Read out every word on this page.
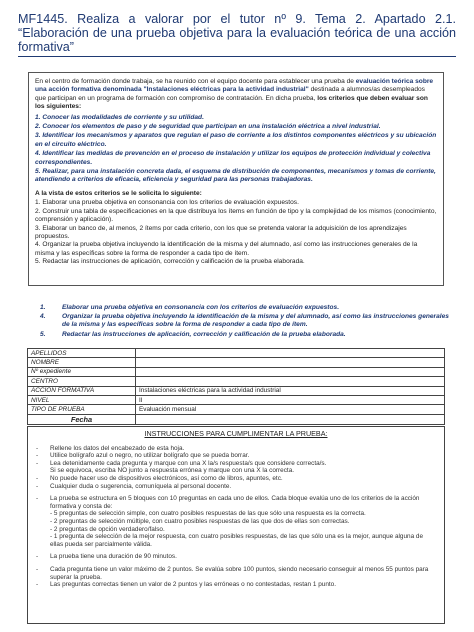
MF1445. Realiza a valorar por el tutor nº 9. Tema 2. Apartado 2.1. “Elaboración de una prueba objetiva para la evaluación teórica de una acción formativa”

En el centro de formación donde trabaja, se ha reunido con el equipo docente para establecer una prueba de evaluación teórica sobre una acción formativa denominada "Instalaciones eléctricas para la actividad industrial" destinada a alumnos/as desempleados que participan en un programa de formación con compromiso de contratación. En dicha prueba, los criterios que deben evaluar son los siguientes:

1. Conocer las modalidades de corriente y su utilidad.

2. Conocer los elementos de paso y de seguridad que participan en una instalación eléctrica a nivel industrial.

3. Identificar los mecanismos y aparatos que regulan el paso de corriente a los distintos componentes eléctricos y su ubicación en el circuito eléctrico.

4. Identificar las medidas de prevención en el proceso de instalación y utilizar los equipos de protección individual y colectiva correspondientes.

5. Realizar, para una instalación concreta dada, el esquema de distribución de componentes, mecanismos y tomas de corriente, atendiendo a criterios de eficacia, eficiencia y seguridad para las personas trabajadoras.

A la vista de estos criterios se le solicita lo siguiente:

1. Elaborar una prueba objetiva en consonancia con los criterios de evaluación expuestos.
2. Construir una tabla de especificaciones en la que distribuya los ítems en función de tipo y la complejidad de los mismos (conocimiento, comprensión y aplicación).
3. Elaborar un banco de, al menos, 2 ítems por cada criterio, con los que se pretenda valorar la adquisición de los aprendizajes propuestos.
4. Organizar la prueba objetiva incluyendo la identificación de la misma y del alumnado, así como las instrucciones generales de la misma y las específicas sobre la forma de responder a cada tipo de ítem.
5. Redactar las instrucciones de aplicación, corrección y calificación de la prueba elaborada.
1.	Elaborar una prueba objetiva en consonancia con los criterios de evaluación expuestos.
4.	Organizar la prueba objetiva incluyendo la identificación de la misma y del alumnado, así como las instrucciones generales de la misma y las específicas sobre la forma de responder a cada tipo de ítem.
5.	Redactar las instrucciones de aplicación, corrección y calificación de la prueba elaborada.
APELLIDOS	
NOMBRE	
Nº expediente	
CENTRO	
ACCION FORMATIVA	Instalaciones eléctricas para la actividad industrial
NIVEL	II
TIPO DE PRUEBA	Evaluación mensual
Fecha	
INSTRUCCIONES PARA CUMPLIMENTAR LA PRUEBA:
-	Rellene los datos del encabezado de esta hoja.
-	Utilice bolígrafo azul o negro, no utilizar bolígrafo que se pueda borrar.
-	Lea detenidamente cada pregunta y marque con una X la/s respuesta/s que considere correcta/s.
Si se equivoca, escriba NO junto a respuesta errónea y marque con una X la correcta.
-	No puede hacer uso de dispositivos electrónicos, así como de libros, apuntes, etc.
-	Cualquier duda o sugerencia, comuníquela al personal docente.
-	La prueba se estructura en 5 bloques con 10 preguntas en cada uno de ellos. Cada bloque evalúa uno de los criterios de la acción formativa y consta de:

- 5 preguntas de selección simple, con cuatro posibles respuestas de las que sólo una respuesta es la correcta.

- 2 preguntas de selección múltiple, con cuatro posibles respuestas de las que dos de ellas son correctas.

- 2 preguntas de opción verdadero/falso.

- 1 pregunta de selección de la mejor respuesta, con cuatro posibles respuestas, de las que sólo una es la mejor, aunque alguna de ellas pueda ser parcialmente válida.

-	La prueba tiene una duración de 90 minutos.
-	Cada pregunta tiene un valor máximo de 2 puntos. Se evalúa sobre 100 puntos, siendo necesario conseguir al menos 55 puntos para superar la prueba.
-	Las preguntas correctas tienen un valor de 2 puntos y las erróneas o no contestadas, restan 1 punto.
